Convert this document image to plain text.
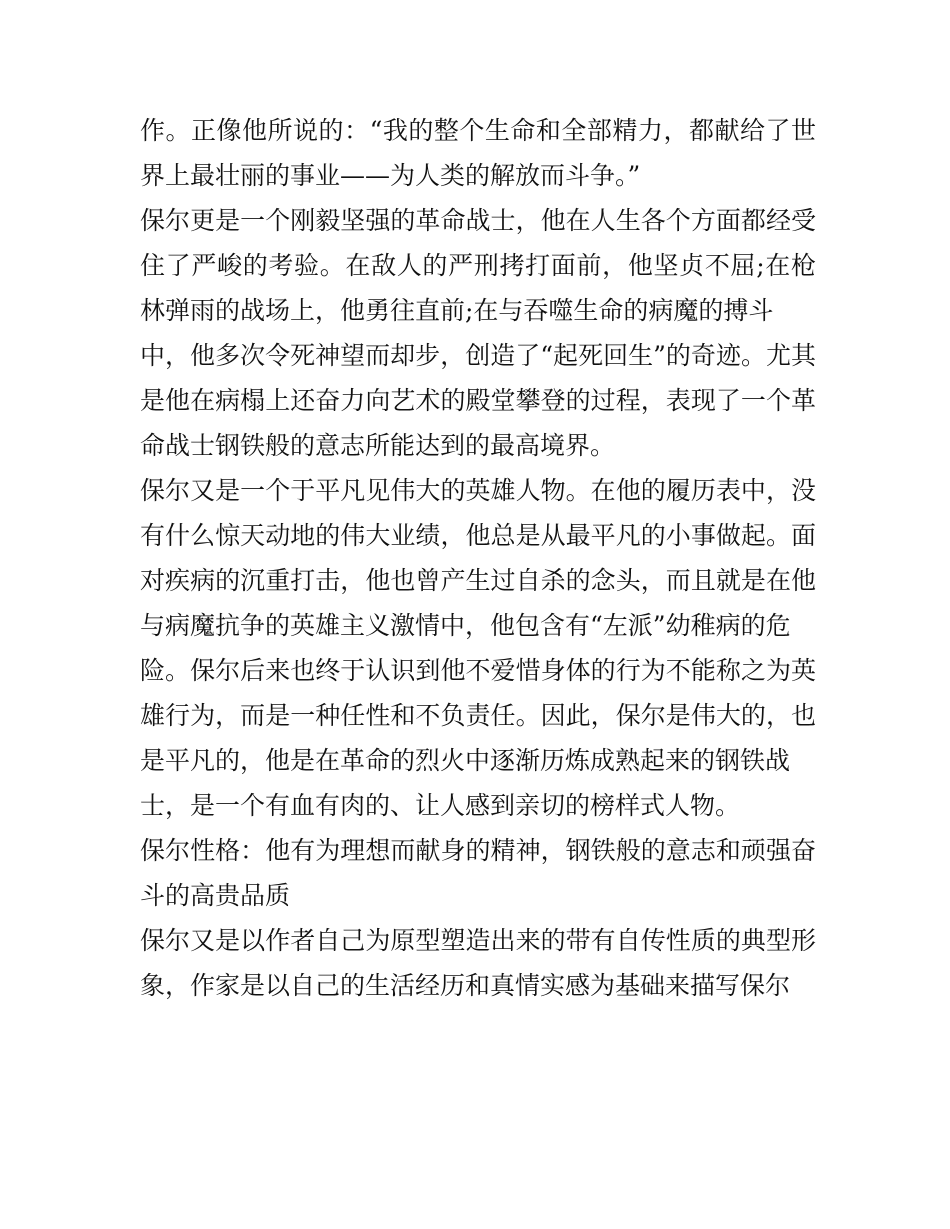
作。正像他所说的：“我的整个生命和全部精力，都献给了世
界上最壮丽的事业——为人类的解放而斗争。”
保尔更是一个刚毅坚强的革命战士，他在人生各个方面都经受
住了严峻的考验。在敌人的严刑拷打面前，他坚贞不屈;在枪
林弹雨的战场上，他勇往直前;在与吞噬生命的病魔的搏斗
中，他多次令死神望而却步，创造了“起死回生”的奇迹。尤其
是他在病榻上还奋力向艺术的殿堂攀登的过程，表现了一个革
命战士钢铁般的意志所能达到的最高境界。
保尔又是一个于平凡见伟大的英雄人物。在他的履历表中，没
有什么惊天动地的伟大业绩，他总是从最平凡的小事做起。面
对疾病的沉重打击，他也曾产生过自杀的念头，而且就是在他
与病魔抗争的英雄主义激情中，他包含有“左派”幼稚病的危
险。保尔后来也终于认识到他不爱惜身体的行为不能称之为英
雄行为，而是一种任性和不负责任。因此，保尔是伟大的，也
是平凡的，他是在革命的烈火中逐渐历炼成熟起来的钢铁战
士，是一个有血有肉的、让人感到亲切的榜样式人物。
保尔性格：他有为理想而献身的精神，钢铁般的意志和顽强奋
斗的高贵品质
保尔又是以作者自己为原型塑造出来的带有自传性质的典型形
象，作家是以自己的生活经历和真情实感为基础来描写保尔
